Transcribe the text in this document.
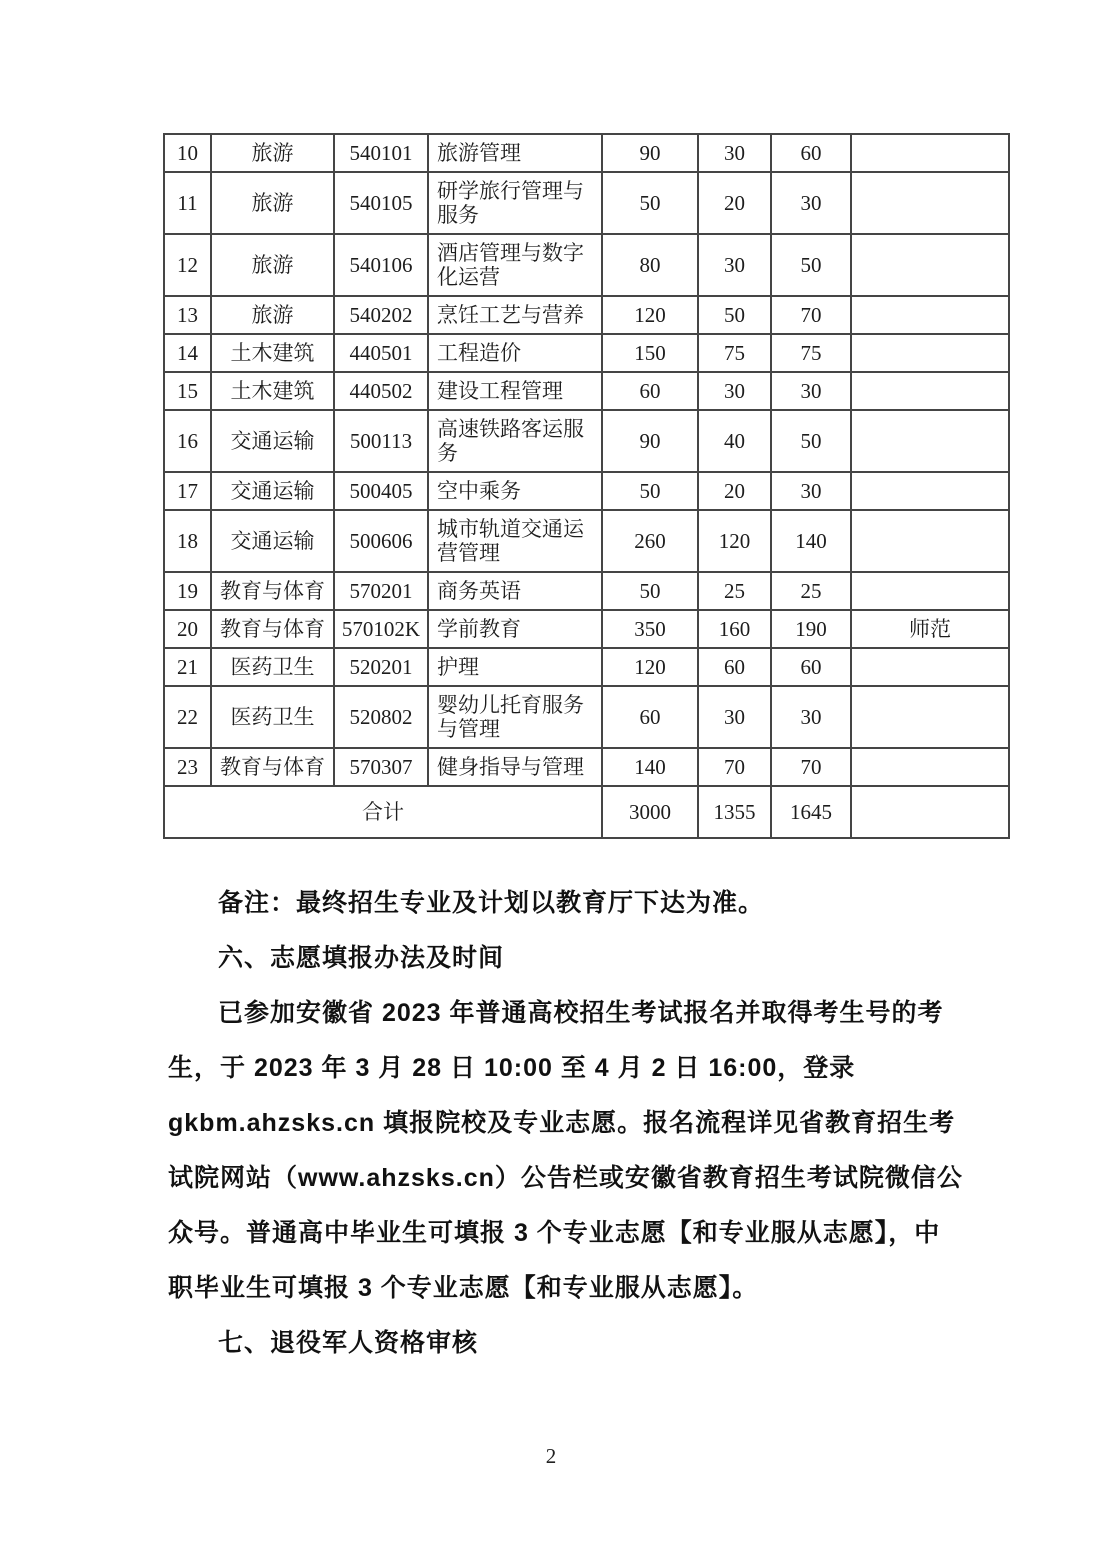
10	旅游	540101	旅游管理	90	30	60	
11	旅游	540105	研学旅行管理与服务	50	20	30	
12	旅游	540106	酒店管理与数字化运营	80	30	50	
13	旅游	540202	烹饪工艺与营养	120	50	70	
14	土木建筑	440501	工程造价	150	75	75	
15	土木建筑	440502	建设工程管理	60	30	30	
16	交通运输	500113	高速铁路客运服务	90	40	50	
17	交通运输	500405	空中乘务	50	20	30	
18	交通运输	500606	城市轨道交通运营管理	260	120	140	
19	教育与体育	570201	商务英语	50	25	25	
20	教育与体育	570102K	学前教育	350	160	190	师范
21	医药卫生	520201	护理	120	60	60	
22	医药卫生	520802	婴幼儿托育服务与管理	60	30	30	
23	教育与体育	570307	健身指导与管理	140	70	70	
合计				3000	1355	1645	
备注：最终招生专业及计划以教育厅下达为准。
六、志愿填报办法及时间
已参加安徽省 2023 年普通高校招生考试报名并取得考生号的考
生，于 2023 年 3 月 28 日 10:00 至 4 月 2 日 16:00，登录
gkbm.ahzsks.cn 填报院校及专业志愿。报名流程详见省教育招生考
试院网站（www.ahzsks.cn）公告栏或安徽省教育招生考试院微信公
众号。普通高中毕业生可填报 3 个专业志愿【和专业服从志愿】，中
职毕业生可填报 3 个专业志愿【和专业服从志愿】。
七、退役军人资格审核
2
